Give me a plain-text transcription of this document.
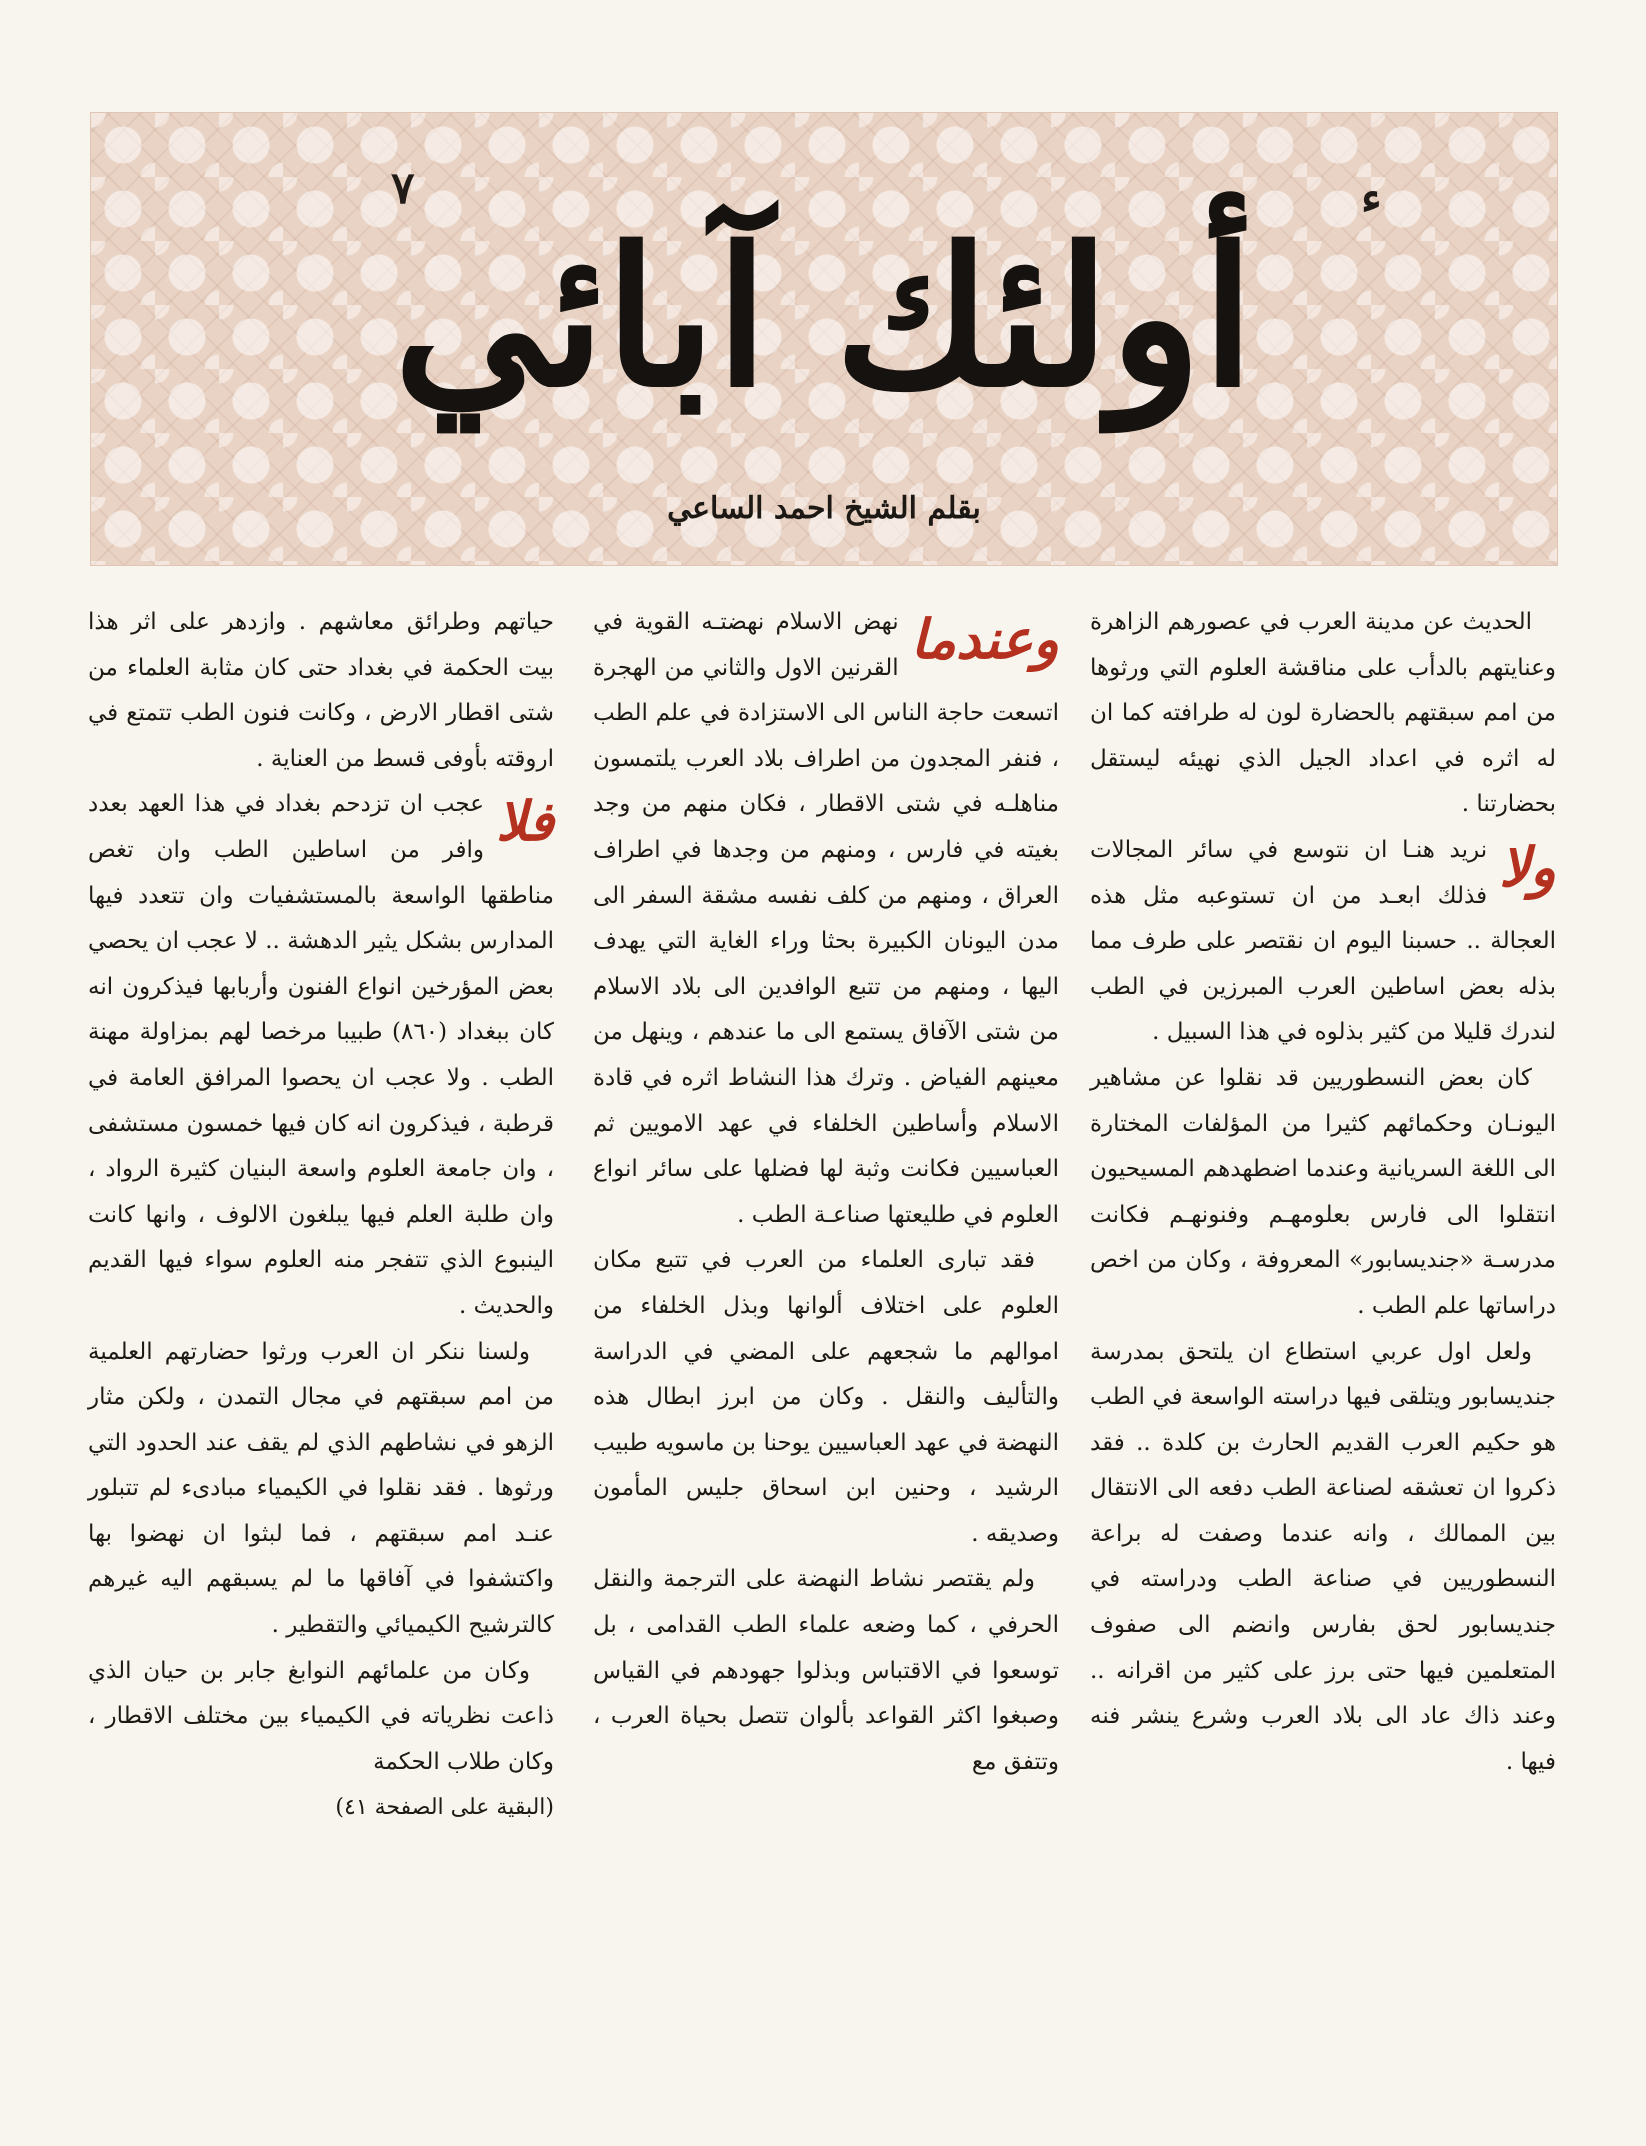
٧	ء
أولئك آبائي
بقلم الشيخ احمد الساعي

الحديث عن مدينة العرب في عصورهم الزاهرة وعنايتهم بالدأب على مناقشة العلوم التي ورثوها من امم سبقتهم بالحضارة لون له طرافته كما ان له اثره في اعداد الجيل الذي نهيئه ليستقل بحضارتنا .

ولا
نريد هنـا ان نتوسع في سائر المجالات فذلك ابعـد من ان تستوعبه مثل هذه العجالة .. حسبنا اليوم ان نقتصر على طرف مما بذله بعض اساطين العرب المبرزين في الطب لندرك قليلا من كثير بذلوه في هذا السبيل .

كان بعض النسطوريين قد نقلوا عن مشاهير اليونـان وحكمائهم كثيرا من المؤلفات المختارة الى اللغة السريانية وعندما اضطهدهم المسيحيون انتقلوا الى فارس بعلومهـم وفنونهـم فكانت مدرسـة «جنديسابور» المعروفة ، وكان من اخص دراساتها علم الطب .

ولعل اول عربي استطاع ان يلتحق بمدرسة جنديسابور ويتلقى فيها دراسته الواسعة في الطب هو حكيم العرب القديم الحارث بن كلدة .. فقد ذكروا ان تعشقه لصناعة الطب دفعه الى الانتقال بين الممالك ، وانه عندما وصفت له براعة النسطوريين في صناعة الطب ودراسته في جنديسابور لحق بفارس وانضم الى صفوف المتعلمين فيها حتى برز على كثير من اقرانه .. وعند ذاك عاد الى بلاد العرب وشرع ينشر فنه فيها .

وعندما
نهض الاسلام نهضتـه القوية في القرنين الاول والثاني من الهجرة اتسعت حاجة الناس الى الاستزادة في علم الطب ، فنفر المجدون من اطراف بلاد العرب يلتمسون مناهلـه في شتى الاقطار ، فكان منهم من وجد بغيته في فارس ، ومنهم من وجدها في اطراف العراق ، ومنهم من كلف نفسه مشقة السفر الى مدن اليونان الكبيرة بحثا وراء الغاية التي يهدف اليها ، ومنهم من تتبع الوافدين الى بلاد الاسلام من شتى الآفاق يستمع الى ما عندهم ، وينهل من معينهم الفياض . وترك هذا النشاط اثره في قادة الاسلام وأساطين الخلفاء في عهد الامويين ثم العباسيين فكانت وثبة لها فضلها على سائر انواع العلوم في طليعتها صناعـة الطب .

فقد تبارى العلماء من العرب في تتبع مكان العلوم على اختلاف ألوانها وبذل الخلفاء من اموالهم ما شجعهم على المضي في الدراسة والتأليف والنقل . وكان من ابرز ابطال هذه النهضة في عهد العباسيين يوحنا بن ماسويه طبيب الرشيد ، وحنين ابن اسحاق جليس المأمون وصديقه .

ولم يقتصر نشاط النهضة على الترجمة والنقل الحرفي ، كما وضعه علماء الطب القدامى ، بل توسعوا في الاقتباس وبذلوا جهودهم في القياس وصبغوا اكثر القواعد بألوان تتصل بحياة العرب ، وتتفق مع

حياتهم وطرائق معاشهم . وازدهر على اثر هذا بيت الحكمة في بغداد حتى كان مثابة العلماء من شتى اقطار الارض ، وكانت فنون الطب تتمتع في اروقته بأوفى قسط من العناية .

فلا
عجب ان تزدحم بغداد في هذا العهد بعدد وافر من اساطين الطب وان تغص مناطقها الواسعة بالمستشفيات وان تتعدد فيها المدارس بشكل يثير الدهشة .. لا عجب ان يحصي بعض المؤرخين انواع الفنون وأربابها فيذكرون انه كان ببغداد (٨٦٠) طبيبا مرخصا لهم بمزاولة مهنة الطب . ولا عجب ان يحصوا المرافق العامة في قرطبة ، فيذكرون انه كان فيها خمسون مستشفى ، وان جامعة العلوم واسعة البنيان كثيرة الرواد ، وان طلبة العلم فيها يبلغون الالوف ، وانها كانت الينبوع الذي تتفجر منه العلوم سواء فيها القديم والحديث .

ولسنا ننكر ان العرب ورثوا حضارتهم العلمية من امم سبقتهم في مجال التمدن ، ولكن مثار الزهو في نشاطهم الذي لم يقف عند الحدود التي ورثوها . فقد نقلوا في الكيمياء مبادىء لم تتبلور عنـد امم سبقتهم ، فما لبثوا ان نهضوا بها واكتشفوا في آفاقها ما لم يسبقهم اليه غيرهم كالترشيح الكيميائي والتقطير .

وكان من علمائهم النوابغ جابر بن حيان الذي ذاعت نظرياته في الكيمياء بين مختلف الاقطار ، وكان طلاب الحكمة

(البقية على الصفحة ٤١)
